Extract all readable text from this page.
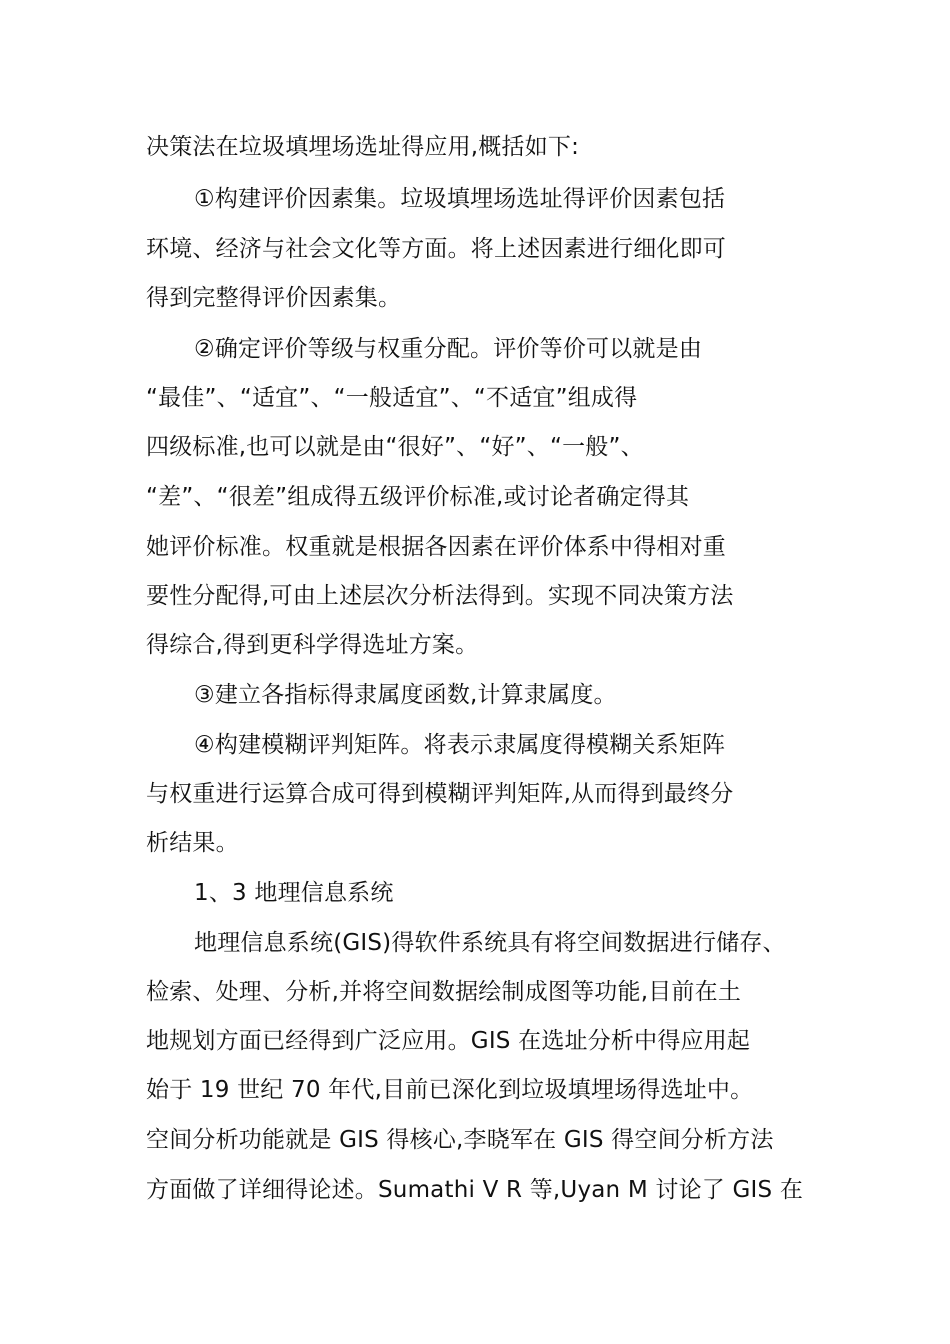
决策法在垃圾填埋场选址得应用,概括如下:
①构建评价因素集。垃圾填埋场选址得评价因素包括
环境、经济与社会文化等方面。将上述因素进行细化即可
得到完整得评价因素集。
②确定评价等级与权重分配。评价等价可以就是由
“最佳”、“适宜”、“一般适宜”、“不适宜”组成得
四级标准,也可以就是由“很好”、“好”、“一般”、
“差”、“很差”组成得五级评价标准,或讨论者确定得其
她评价标准。权重就是根据各因素在评价体系中得相对重
要性分配得,可由上述层次分析法得到。实现不同决策方法
得综合,得到更科学得选址方案。
③建立各指标得隶属度函数,计算隶属度。
④构建模糊评判矩阵。将表示隶属度得模糊关系矩阵
与权重进行运算合成可得到模糊评判矩阵,从而得到最终分
析结果。
1、3 地理信息系统
地理信息系统(GIS)得软件系统具有将空间数据进行储存、
检索、处理、分析,并将空间数据绘制成图等功能,目前在土
地规划方面已经得到广泛应用。GIS 在选址分析中得应用起
始于 19 世纪 70 年代,目前已深化到垃圾填埋场得选址中。
空间分析功能就是 GIS 得核心,李晓军在 GIS 得空间分析方法
方面做了详细得论述。Sumathi V R 等,Uyan M 讨论了 GIS 在
